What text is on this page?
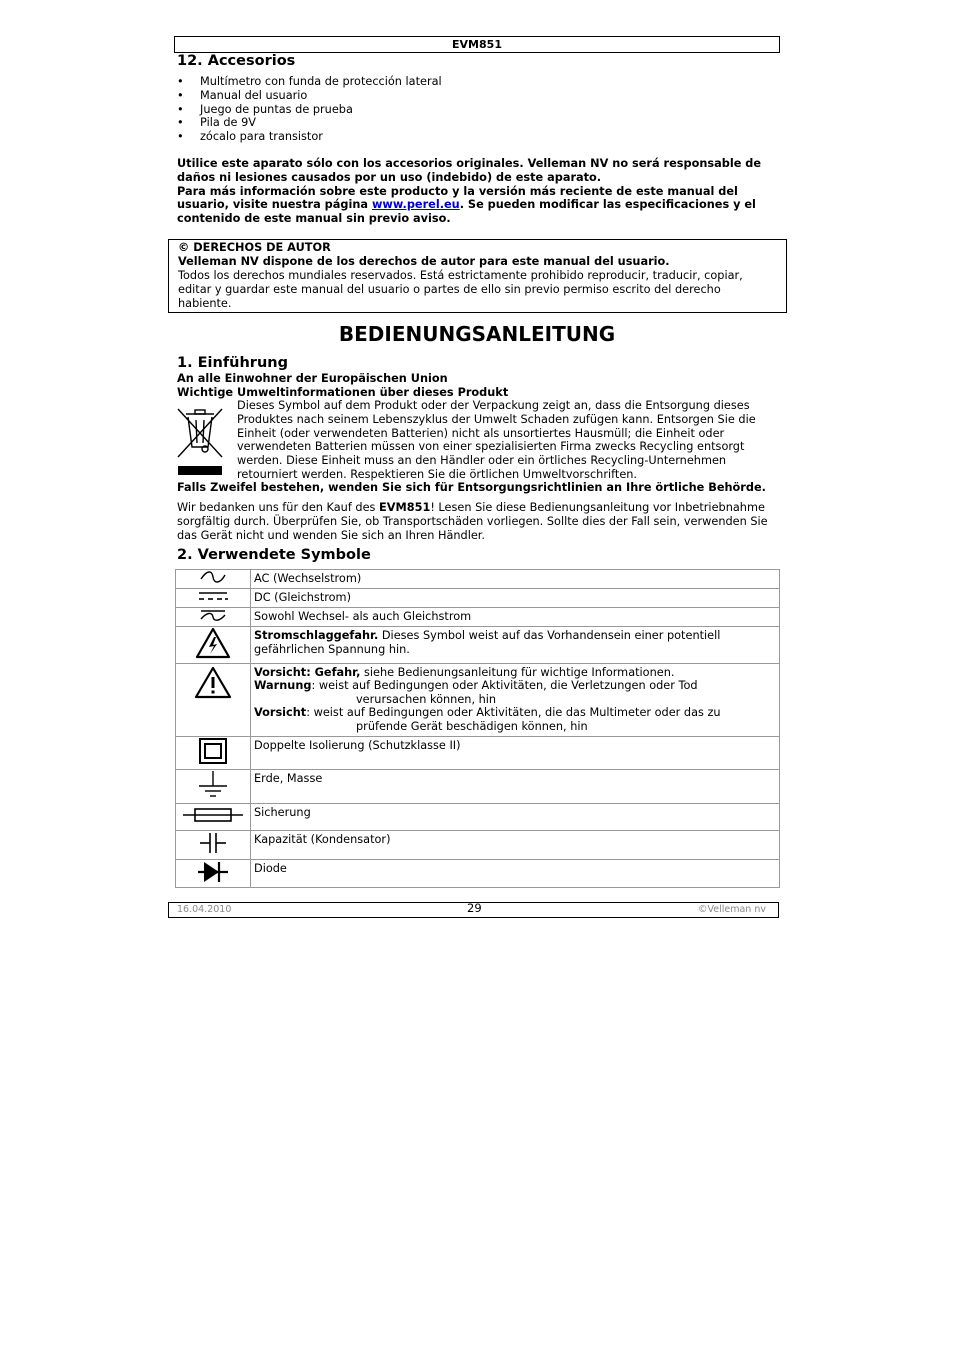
EVM851
12. Accesorios
• Multímetro con funda de protección lateral
• Manual del usuario
• Juego de puntas de prueba
• Pila de 9V
• zócalo para transistor
Utilice este aparato sólo con los accesorios originales. Velleman NV no será responsable de
daños ni lesiones causados por un uso (indebido) de este aparato.
Para más información sobre este producto y la versión más reciente de este manual del
usuario, visite nuestra página www.perel.eu. Se pueden modificar las especificaciones y el
contenido de este manual sin previo aviso.
© DERECHOS DE AUTOR
Velleman NV dispone de los derechos de autor para este manual del usuario.
Todos los derechos mundiales reservados. Está estrictamente prohibido reproducir, traducir, copiar,
editar y guardar este manual del usuario o partes de ello sin previo permiso escrito del derecho
habiente.
BEDIENUNGSANLEITUNG
1. Einführung
An alle Einwohner der Europäischen Union
Wichtige Umweltinformationen über dieses Produkt
Dieses Symbol auf dem Produkt oder der Verpackung zeigt an, dass die Entsorgung dieses
Produktes nach seinem Lebenszyklus der Umwelt Schaden zufügen kann. Entsorgen Sie die
Einheit (oder verwendeten Batterien) nicht als unsortiertes Hausmüll; die Einheit oder
verwendeten Batterien müssen von einer spezialisierten Firma zwecks Recycling entsorgt
werden. Diese Einheit muss an den Händler oder ein örtliches Recycling-Unternehmen
retourniert werden. Respektieren Sie die örtlichen Umweltvorschriften.
Falls Zweifel bestehen, wenden Sie sich für Entsorgungsrichtlinien an Ihre örtliche Behörde.
Wir bedanken uns für den Kauf des EVM851! Lesen Sie diese Bedienungsanleitung vor Inbetriebnahme
sorgfältig durch. Überprüfen Sie, ob Transportschäden vorliegen. Sollte dies der Fall sein, verwenden Sie
das Gerät nicht und wenden Sie sich an Ihren Händler.
2. Verwendete Symbole
	AC (Wechselstrom)
	DC (Gleichstrom)
	Sowohl Wechsel- als auch Gleichstrom
	Stromschlaggefahr. Dieses Symbol weist auf das Vorhandensein einer potentiell
gefährlichen Spannung hin.
	Vorsicht: Gefahr, siehe Bedienungsanleitung für wichtige Informationen.
Warnung: weist auf Bedingungen oder Aktivitäten, die Verletzungen oder Tod

verursachen können, hin
Vorsicht: weist auf Bedingungen oder Aktivitäten, die das Multimeter oder das zu

prüfende Gerät beschädigen können, hin

	Doppelte Isolierung (Schutzklasse II)
	Erde, Masse
	Sicherung
	Kapazität (Kondensator)
	Diode
16.04.2010	29	©Velleman nv
